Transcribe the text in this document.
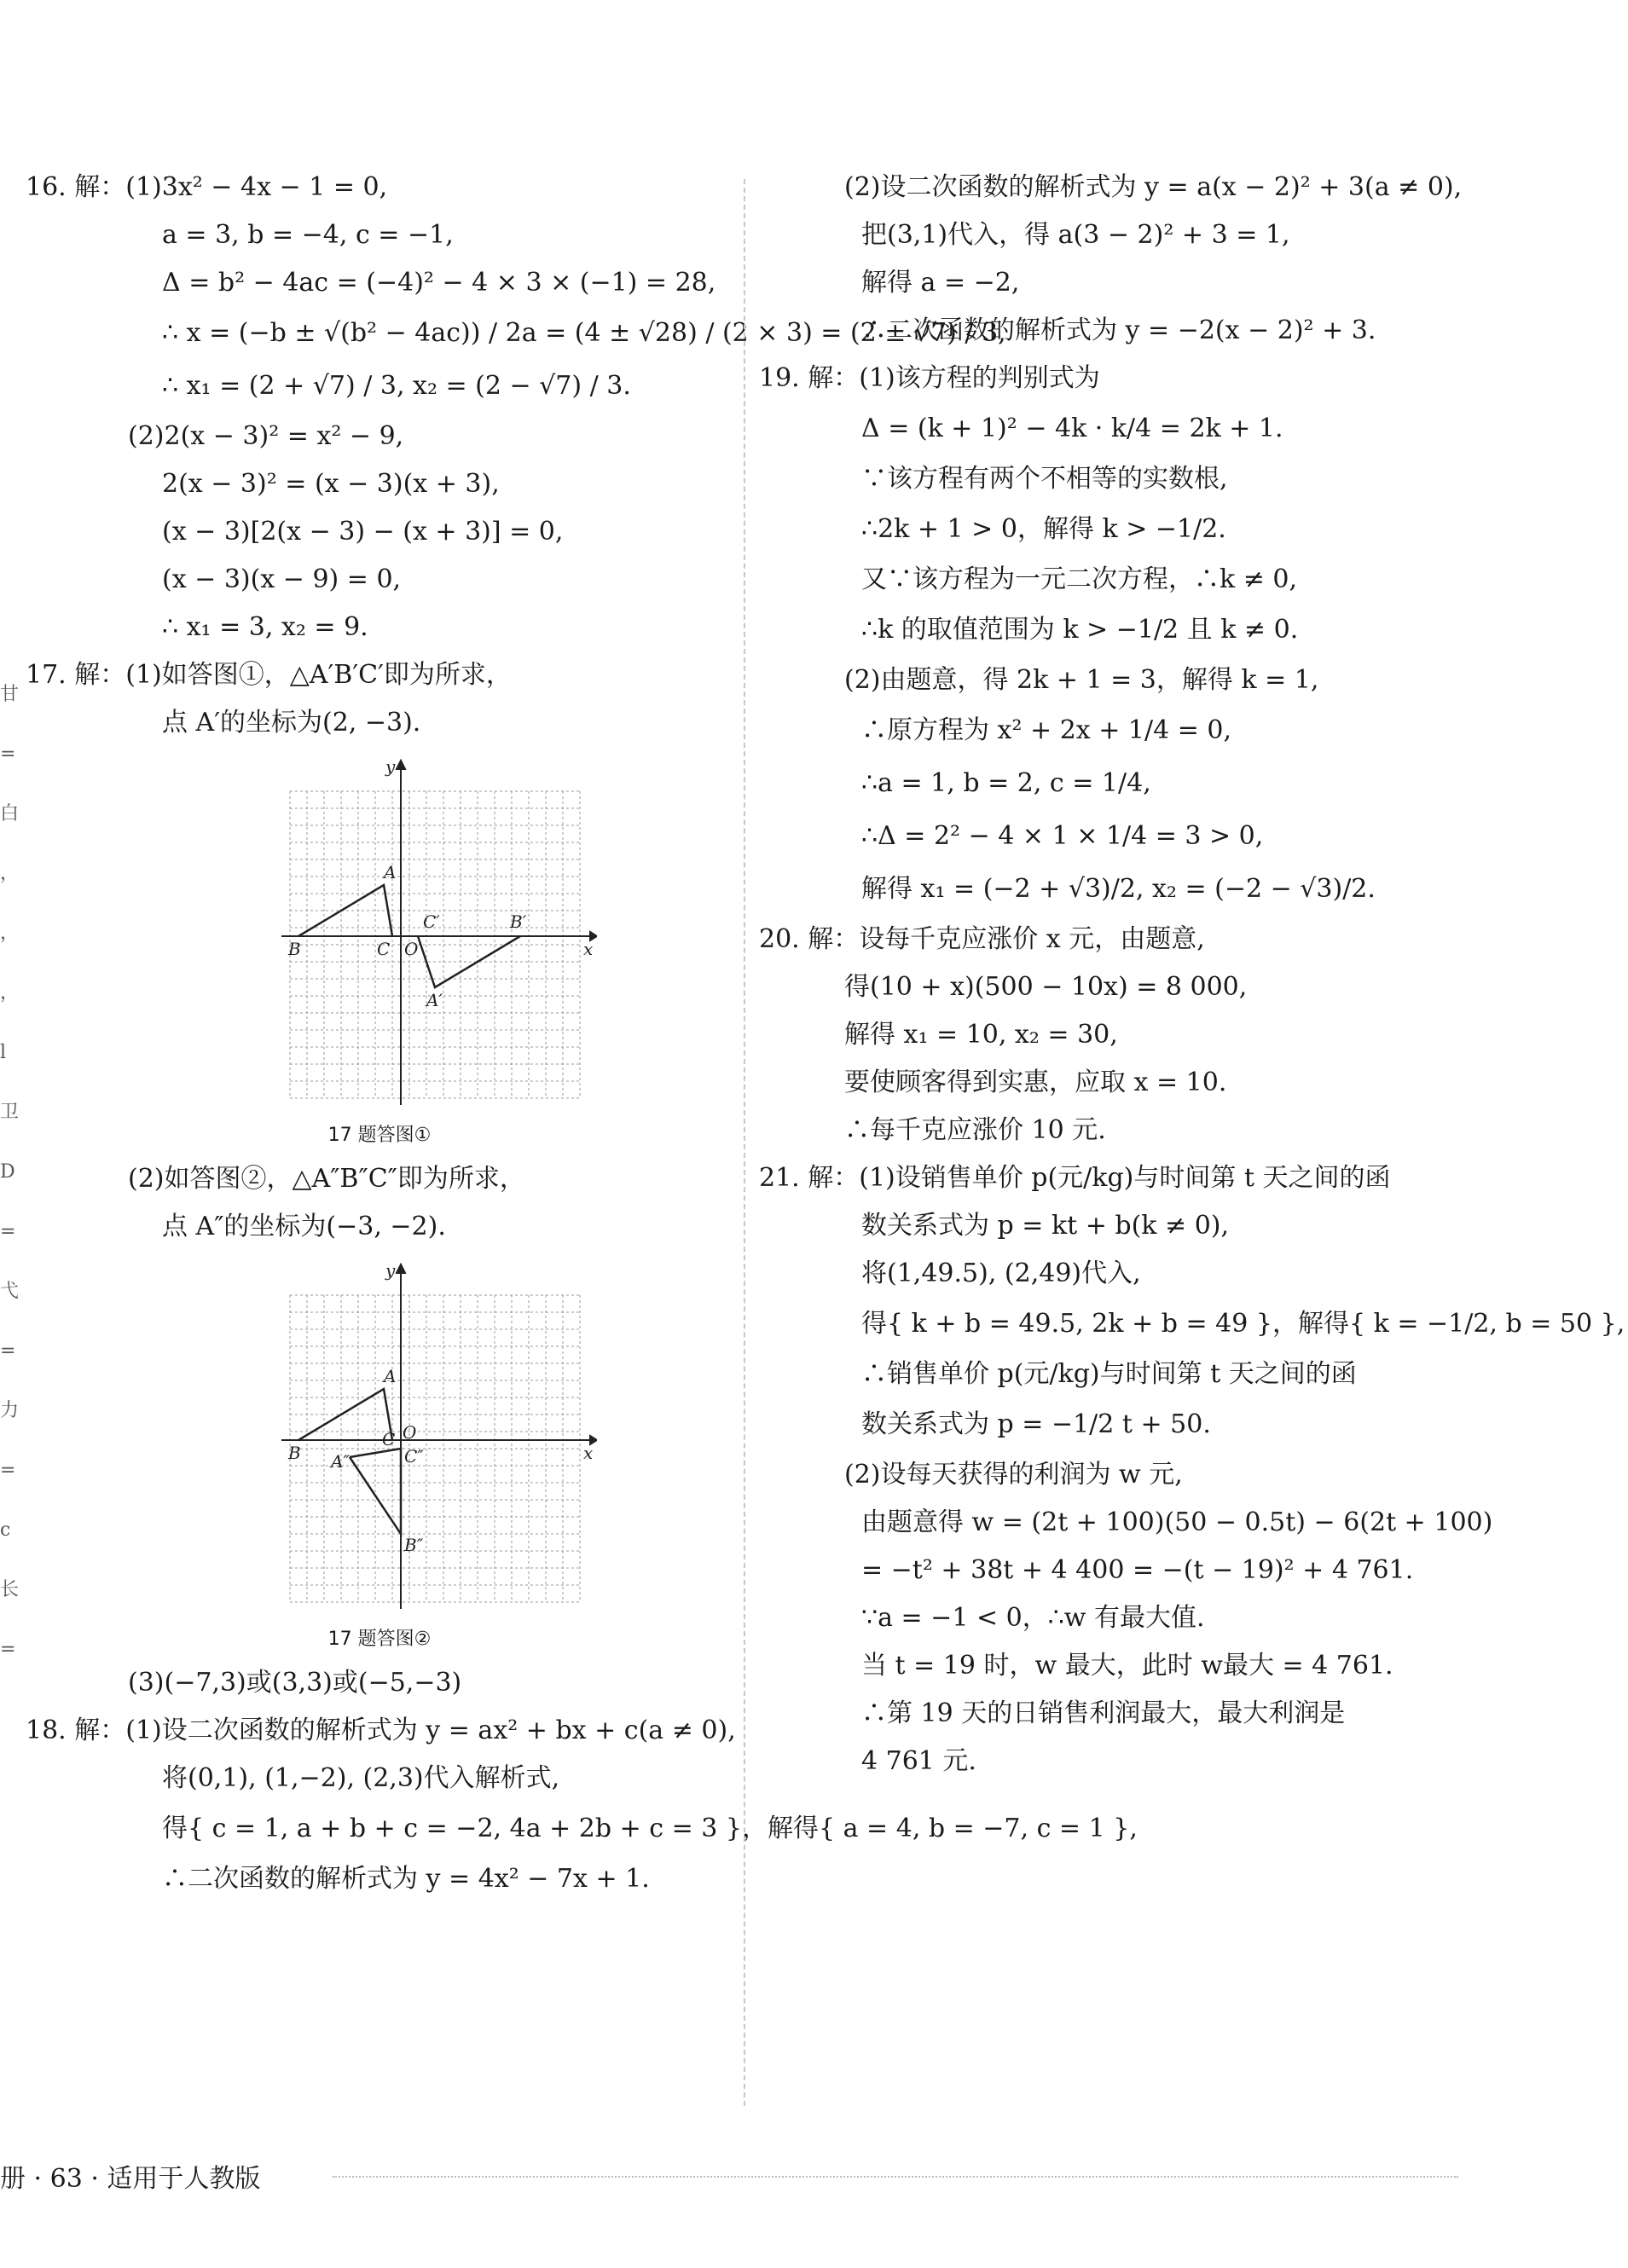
甘
=
白
，
，
，
l
卫
D
=
弋
=
力
=
c
长
=
16. 解：(1)3x² − 4x − 1 = 0,
a = 3, b = −4, c = −1,
Δ = b² − 4ac = (−4)² − 4 × 3 × (−1) = 28,
∴ x = (−b ± √(b² − 4ac)) / 2a = (4 ± √28) / (2 × 3) = (2 ± √7) / 3,
∴ x₁ = (2 + √7) / 3, x₂ = (2 − √7) / 3.
(2)2(x − 3)² = x² − 9,
2(x − 3)² = (x − 3)(x + 3),
(x − 3)[2(x − 3) − (x + 3)] = 0,
(x − 3)(x − 9) = 0,
∴ x₁ = 3, x₂ = 9.
17. 解：(1)如答图①，△A′B′C′即为所求，
点 A′的坐标为(2, −3).
A
B	C O
C′	B′
A′
x
y
17 题答图①
(2)如答图②，△A″B″C″即为所求，
点 A″的坐标为(−3, −2).
A
B
C O
A″	C″
B″
x
y
17 题答图②
(3)(−7,3)或(3,3)或(−5,−3)
18. 解：(1)设二次函数的解析式为 y = ax² + bx + c(a ≠ 0),
将(0,1), (1,−2), (2,3)代入解析式,
得{ c = 1, a + b + c = −2, 4a + 2b + c = 3 }，解得{ a = 4, b = −7, c = 1 },
∴二次函数的解析式为 y = 4x² − 7x + 1.
(2)设二次函数的解析式为 y = a(x − 2)² + 3(a ≠ 0),
把(3,1)代入，得 a(3 − 2)² + 3 = 1,
解得 a = −2,
∴二次函数的解析式为 y = −2(x − 2)² + 3.
19. 解：(1)该方程的判别式为
Δ = (k + 1)² − 4k · k/4 = 2k + 1.
∵该方程有两个不相等的实数根,
∴2k + 1 > 0，解得 k > −1/2.
又∵该方程为一元二次方程，∴k ≠ 0,
∴k 的取值范围为 k > −1/2 且 k ≠ 0.
(2)由题意，得 2k + 1 = 3，解得 k = 1,
∴原方程为 x² + 2x + 1/4 = 0,
∴a = 1, b = 2, c = 1/4,
∴Δ = 2² − 4 × 1 × 1/4 = 3 > 0,
解得 x₁ = (−2 + √3)/2, x₂ = (−2 − √3)/2.
20. 解：设每千克应涨价 x 元，由题意,
得(10 + x)(500 − 10x) = 8 000,
解得 x₁ = 10, x₂ = 30,
要使顾客得到实惠，应取 x = 10.
∴每千克应涨价 10 元.
21. 解：(1)设销售单价 p(元/kg)与时间第 t 天之间的函
数关系式为 p = kt + b(k ≠ 0),
将(1,49.5), (2,49)代入,
得{ k + b = 49.5, 2k + b = 49 }，解得{ k = −1/2, b = 50 },
∴销售单价 p(元/kg)与时间第 t 天之间的函
数关系式为 p = −1/2 t + 50.
(2)设每天获得的利润为 w 元,
由题意得 w = (2t + 100)(50 − 0.5t) − 6(2t + 100)
= −t² + 38t + 4 400 = −(t − 19)² + 4 761.
∵a = −1 < 0，∴w 有最大值.
当 t = 19 时，w 最大，此时 w最大 = 4 761.
∴第 19 天的日销售利润最大，最大利润是
4 761 元.
册 · 63 · 适用于人教版
